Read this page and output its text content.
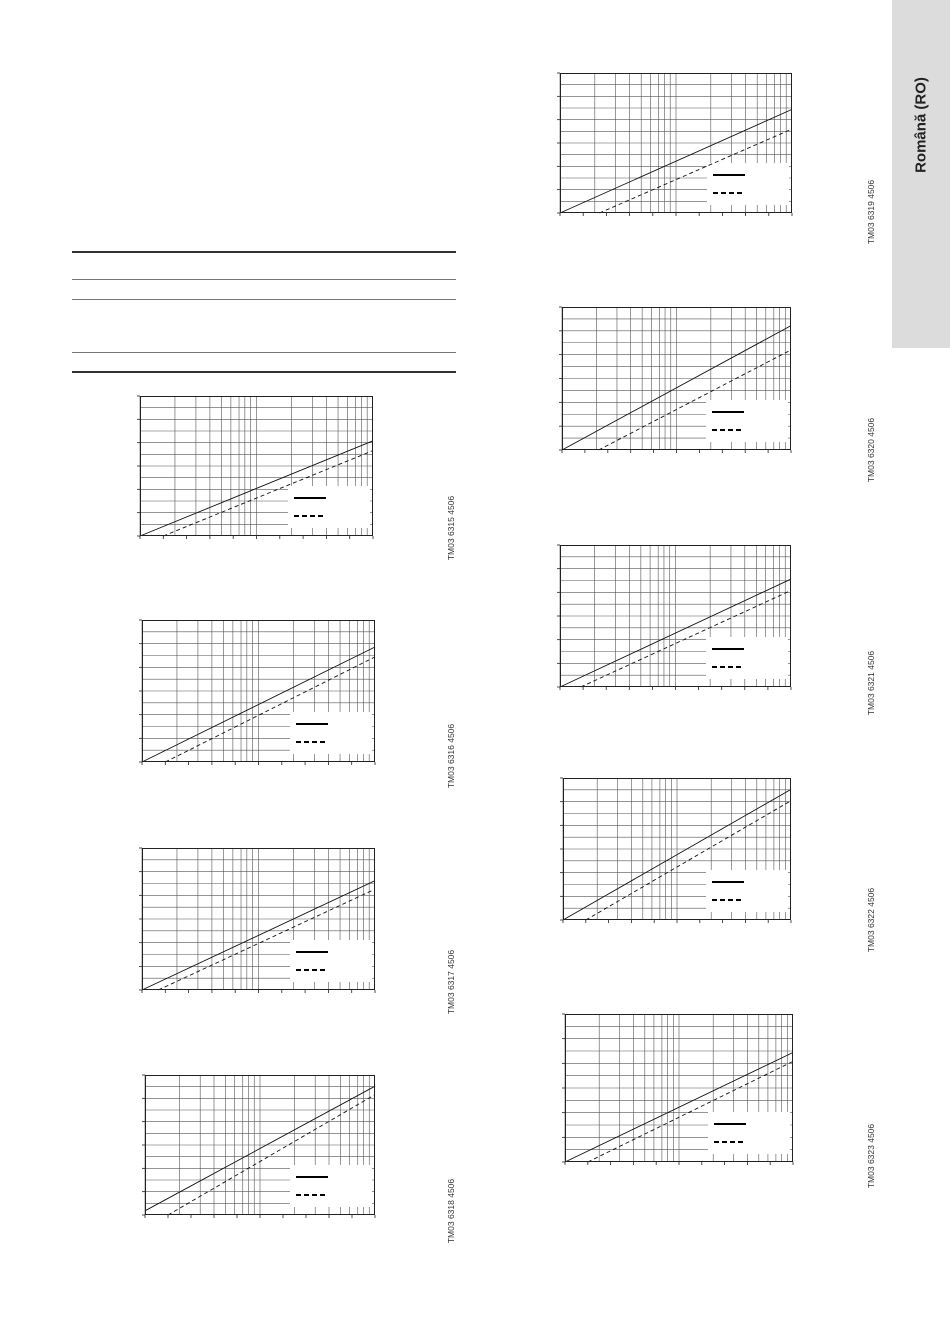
Română (RO)
TM03 6315 4506
TM03 6316 4506
TM03 6317 4506
TM03 6318 4506
TM03 6319 4506
TM03 6320 4506
TM03 6321 4506
TM03 6322 4506
TM03 6323 4506
